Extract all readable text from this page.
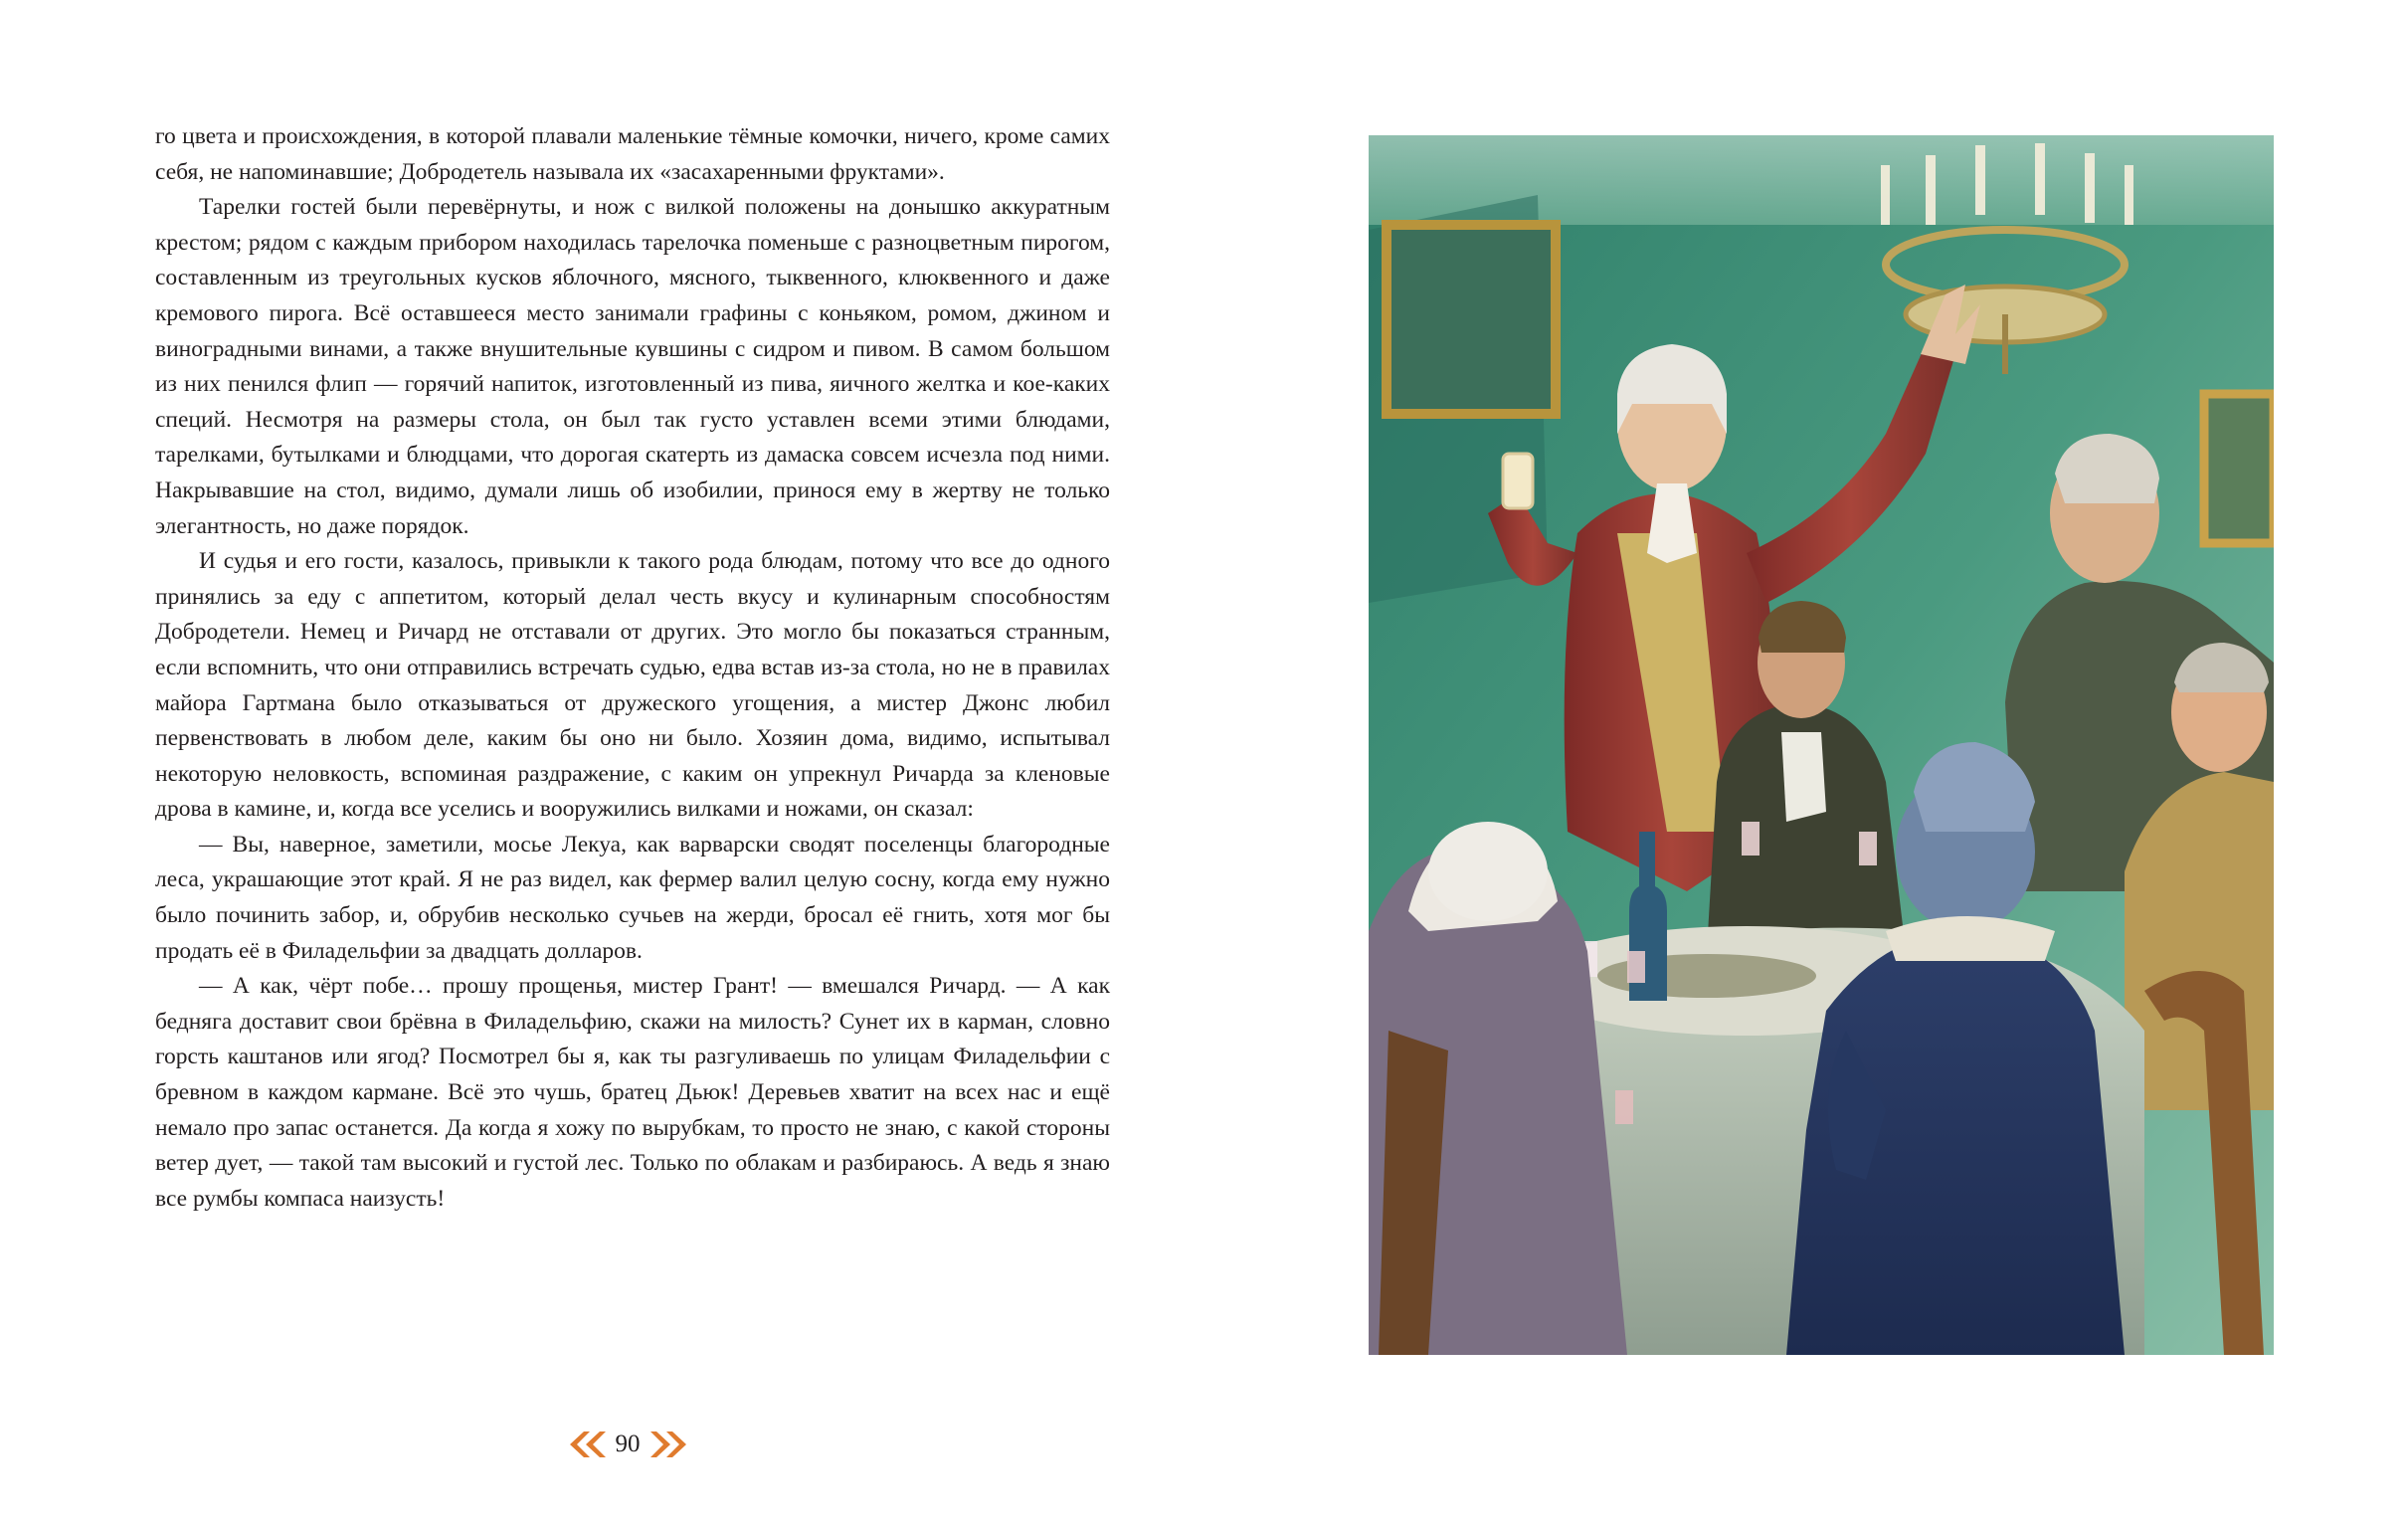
го цвета и происхождения, в которой плавали маленькие тёмные комочки, ничего, кроме самих себя, не напоминавшие; Добродетель называла их «засахаренными фруктами».

Тарелки гостей были перевёрнуты, и нож с вилкой положены на донышко аккуратным крестом; рядом с каждым прибором находилась тарелочка поменьше с разноцветным пирогом, составленным из треугольных кусков яблочного, мясного, тыквенного, клюквенного и даже кремового пирога. Всё оставшееся место занимали графины с коньяком, ромом, джином и виноградными винами, а также внушительные кувшины с сидром и пивом. В самом большом из них пенился флип — горячий напиток, изготовленный из пива, яичного желтка и кое-каких специй. Несмотря на размеры стола, он был так густо уставлен всеми этими блюдами, тарелками, бутылками и блюдцами, что дорогая скатерть из дамаска совсем исчезла под ними. Накрывавшие на стол, видимо, думали лишь об изобилии, принося ему в жертву не только элегантность, но даже порядок.

И судья и его гости, казалось, привыкли к такого рода блюдам, потому что все до одного принялись за еду с аппетитом, который делал честь вкусу и кулинарным способностям Добродетели. Немец и Ричард не отставали от других. Это могло бы показаться странным, если вспомнить, что они отправились встречать судью, едва встав из-за стола, но не в правилах майора Гартмана было отказываться от дружеского угощения, а мистер Джонс любил первенствовать в любом деле, каким бы оно ни было. Хозяин дома, видимо, испытывал некоторую неловкость, вспоминая раздражение, с каким он упрекнул Ричарда за кленовые дрова в камине, и, когда все уселись и вооружились вилками и ножами, он сказал:

— Вы, наверное, заметили, мосье Лекуа, как варварски сводят поселенцы благородные леса, украшающие этот край. Я не раз видел, как фермер валил целую сосну, когда ему нужно было починить забор, и, обрубив несколько сучьев на жерди, бросал её гнить, хотя мог бы продать её в Филадельфии за двадцать долларов.

— А как, чёрт побе… прошу прощенья, мистер Грант! — вмешался Ричард. — А как бедняга доставит свои брёвна в Филадельфию, скажи на милость? Сунет их в карман, словно горсть каштанов или ягод? Посмотрел бы я, как ты разгуливаешь по улицам Филадельфии с бревном в каждом кармане. Всё это чушь, братец Дьюк! Деревьев хватит на всех нас и ещё немало про запас останется. Да когда я хожу по вырубкам, то просто не знаю, с какой стороны ветер дует, — такой там высокий и густой лес. Только по облакам и разбираюсь. А ведь я знаю все румбы компаса наизусть!

90
